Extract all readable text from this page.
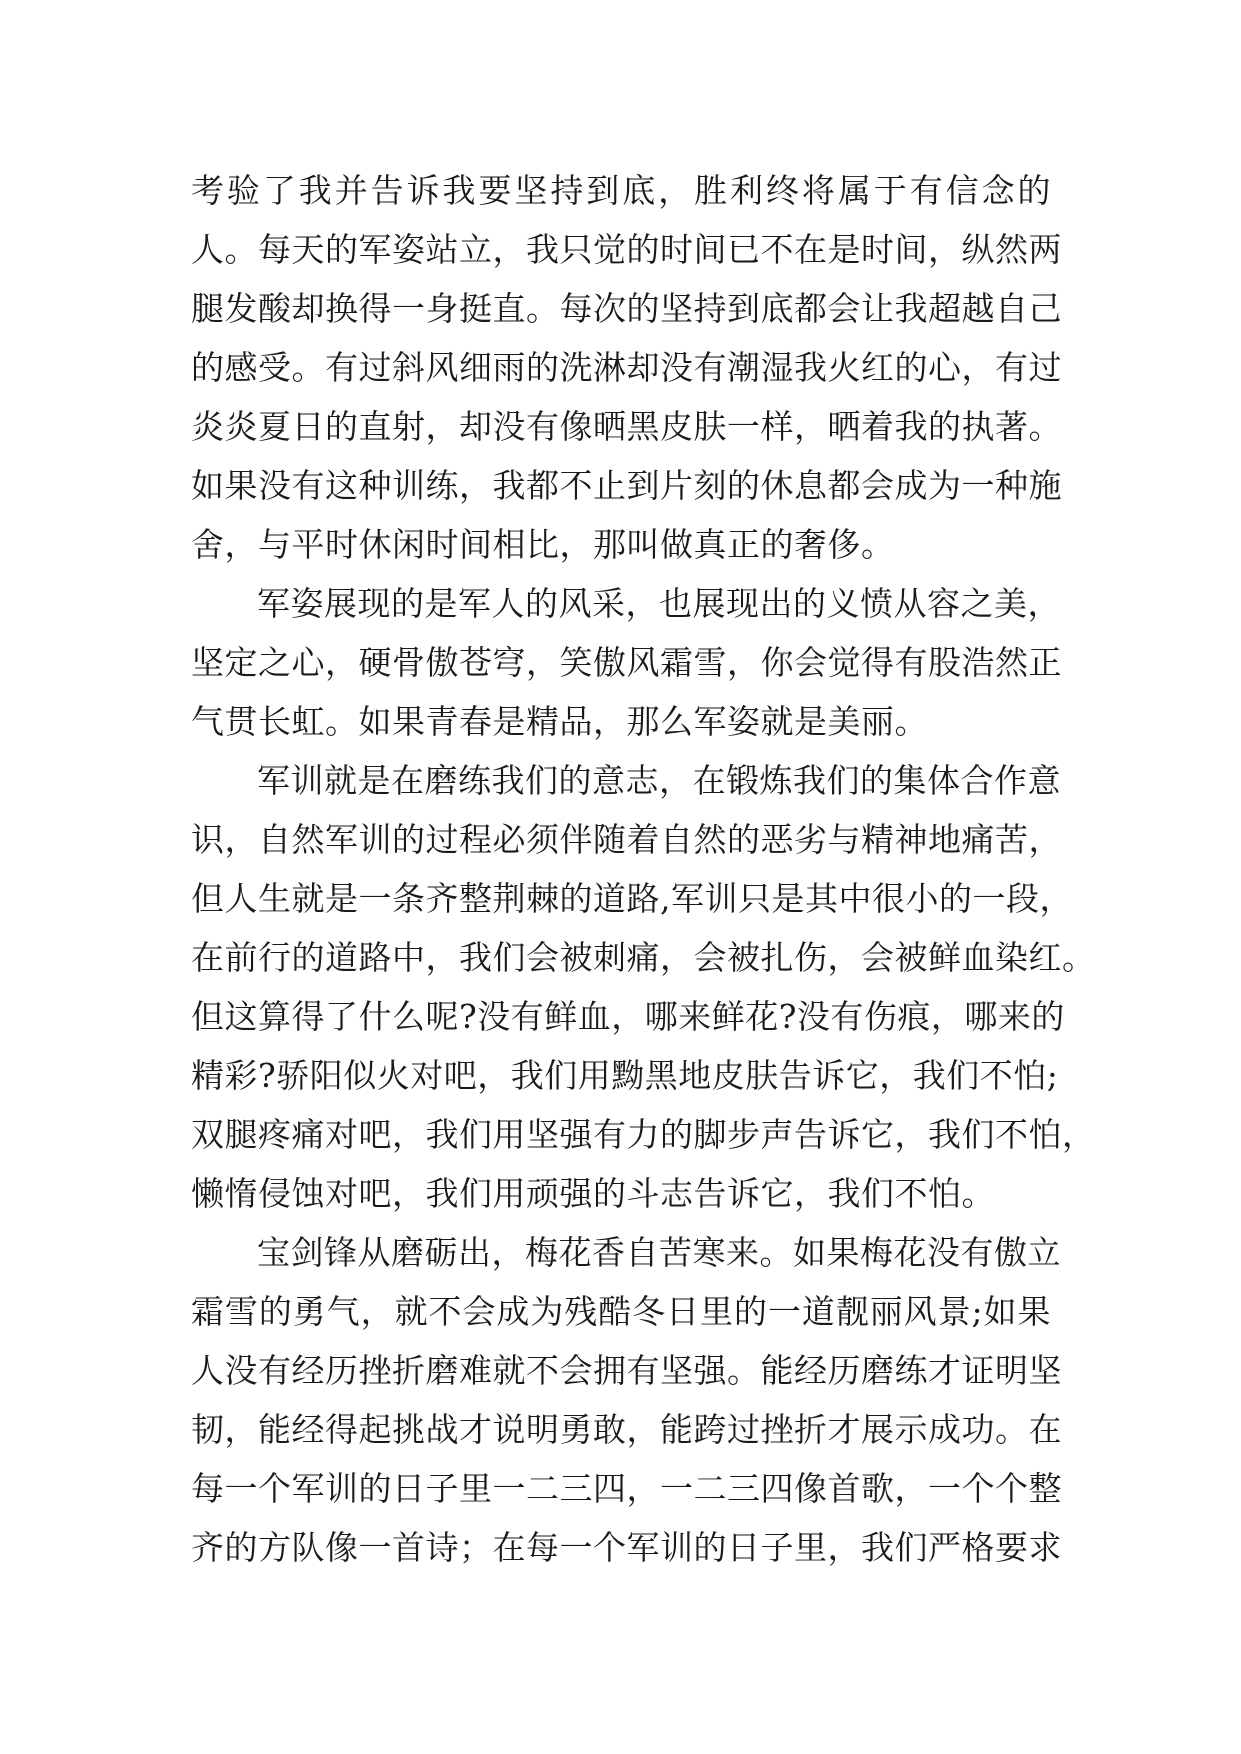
考验了我并告诉我要坚持到底，胜利终将属于有信念的
人。每天的军姿站立，我只觉的时间已不在是时间，纵然两
腿发酸却换得一身挺直。每次的坚持到底都会让我超越自己
的感受。有过斜风细雨的洗淋却没有潮湿我火红的心，有过
炎炎夏日的直射，却没有像晒黑皮肤一样，晒着我的执著。
如果没有这种训练，我都不止到片刻的休息都会成为一种施
舍，与平时休闲时间相比，那叫做真正的奢侈。
军姿展现的是军人的风采，也展现出的义愤从容之美，
坚定之心，硬骨傲苍穹，笑傲风霜雪，你会觉得有股浩然正
气贯长虹。如果青春是精品，那么军姿就是美丽。
军训就是在磨练我们的意志，在锻炼我们的集体合作意
识，自然军训的过程必须伴随着自然的恶劣与精神地痛苦，
但人生就是一条齐整荆棘的道路,军训只是其中很小的一段，
在前行的道路中，我们会被刺痛，会被扎伤，会被鲜血染红。
但这算得了什么呢?没有鲜血，哪来鲜花?没有伤痕，哪来的
精彩?骄阳似火对吧，我们用黝黑地皮肤告诉它，我们不怕;
双腿疼痛对吧，我们用坚强有力的脚步声告诉它，我们不怕，
懒惰侵蚀对吧，我们用顽强的斗志告诉它，我们不怕。
宝剑锋从磨砺出，梅花香自苦寒来。如果梅花没有傲立
霜雪的勇气，就不会成为残酷冬日里的一道靓丽风景;如果
人没有经历挫折磨难就不会拥有坚强。能经历磨练才证明坚
韧，能经得起挑战才说明勇敢，能跨过挫折才展示成功。在
每一个军训的日子里一二三四，一二三四像首歌，一个个整
齐的方队像一首诗；在每一个军训的日子里，我们严格要求
